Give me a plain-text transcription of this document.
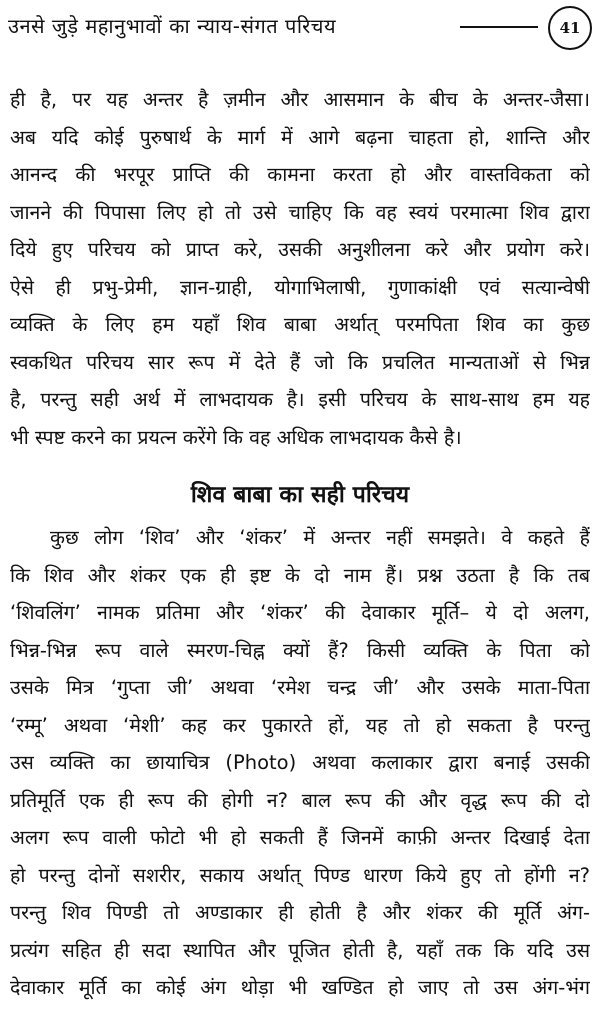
उनसे जुड़े महानुभावों का न्याय-संगत परिचय	41
ही है, पर यह अन्तर है ज़मीन और आसमान के बीच के अन्तर-जैसा।
अब यदि कोई पुरुषार्थ के मार्ग में आगे बढ़ना चाहता हो, शान्ति और
आनन्द की भरपूर प्राप्ति की कामना करता हो और वास्तविकता को
जानने की पिपासा लिए हो तो उसे चाहिए कि वह स्वयं परमात्मा शिव द्वारा
दिये हुए परिचय को प्राप्त करे, उसकी अनुशीलना करे और प्रयोग करे।
ऐसे ही प्रभु-प्रेमी, ज्ञान-ग्राही, योगाभिलाषी, गुणाकांक्षी एवं सत्यान्वेषी
व्यक्ति के लिए हम यहाँ शिव बाबा अर्थात् परमपिता शिव का कुछ
स्वकथित परिचय सार रूप में देते हैं जो कि प्रचलित मान्यताओं से भिन्न
है, परन्तु सही अर्थ में लाभदायक है। इसी परिचय के साथ-साथ हम यह
भी स्पष्ट करने का प्रयत्न करेंगे कि वह अधिक लाभदायक कैसे है।
शिव बाबा का सही परिचय
कुछ लोग ‘शिव’ और ‘शंकर’ में अन्तर नहीं समझते। वे कहते हैं
कि शिव और शंकर एक ही इष्ट के दो नाम हैं। प्रश्न उठता है कि तब
‘शिवलिंग’ नामक प्रतिमा और ‘शंकर’ की देवाकार मूर्ति– ये दो अलग,
भिन्न-भिन्न रूप वाले स्मरण-चिह्न क्यों हैं? किसी व्यक्ति के पिता को
उसके मित्र ‘गुप्ता जी’ अथवा ‘रमेश चन्द्र जी’ और उसके माता-पिता
‘रम्मू’ अथवा ‘मेशी’ कह कर पुकारते हों, यह तो हो सकता है परन्तु
उस व्यक्ति का छायाचित्र (Photo) अथवा कलाकार द्वारा बनाई उसकी
प्रतिमूर्ति एक ही रूप की होगी न? बाल रूप की और वृद्ध रूप की दो
अलग रूप वाली फोटो भी हो सकती हैं जिनमें काफ़ी अन्तर दिखाई देता
हो परन्तु दोनों सशरीर, सकाय अर्थात् पिण्ड धारण किये हुए तो होंगी न?
परन्तु शिव पिण्डी तो अण्डाकार ही होती है और शंकर की मूर्ति अंग-
प्रत्यंग सहित ही सदा स्थापित और पूजित होती है, यहाँ तक कि यदि उस
देवाकार मूर्ति का कोई अंग थोड़ा भी खण्डित हो जाए तो उस अंग-भंग
